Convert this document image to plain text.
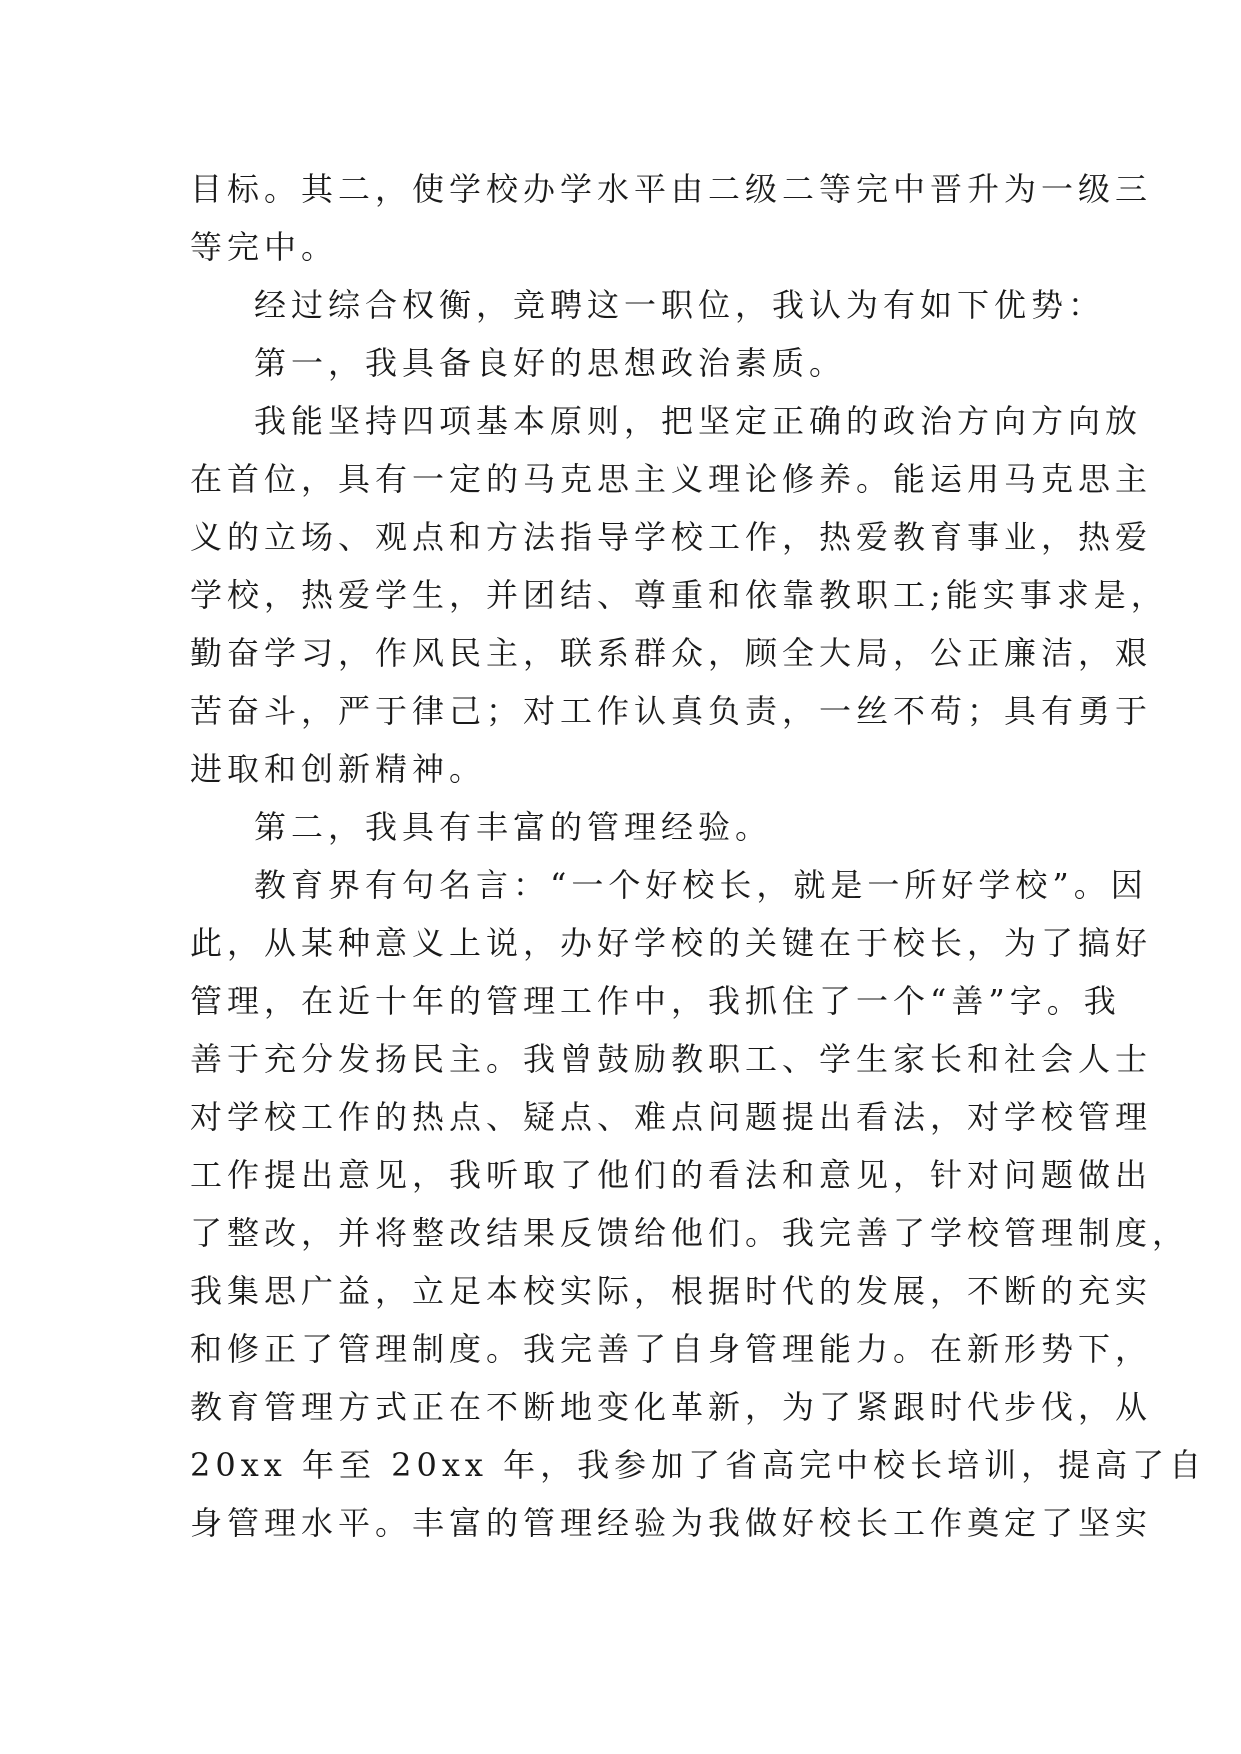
目标。其二，使学校办学水平由二级二等完中晋升为一级三
等完中。
经过综合权衡，竞聘这一职位，我认为有如下优势：
第一，我具备良好的思想政治素质。
我能坚持四项基本原则，把坚定正确的政治方向方向放
在首位，具有一定的马克思主义理论修养。能运用马克思主
义的立场、观点和方法指导学校工作，热爱教育事业，热爱
学校，热爱学生，并团结、尊重和依靠教职工;能实事求是，
勤奋学习，作风民主，联系群众，顾全大局，公正廉洁，艰
苦奋斗，严于律己；对工作认真负责，一丝不苟；具有勇于
进取和创新精神。
第二，我具有丰富的管理经验。
教育界有句名言：“一个好校长，就是一所好学校”。因
此，从某种意义上说，办好学校的关键在于校长，为了搞好
管理，在近十年的管理工作中，我抓住了一个“善”字。我
善于充分发扬民主。我曾鼓励教职工、学生家长和社会人士
对学校工作的热点、疑点、难点问题提出看法，对学校管理
工作提出意见，我听取了他们的看法和意见，针对问题做出
了整改，并将整改结果反馈给他们。我完善了学校管理制度，
我集思广益，立足本校实际，根据时代的发展，不断的充实
和修正了管理制度。我完善了自身管理能力。在新形势下，
教育管理方式正在不断地变化革新，为了紧跟时代步伐，从
20xx 年至 20xx 年，我参加了省高完中校长培训，提高了自
身管理水平。丰富的管理经验为我做好校长工作奠定了坚实
